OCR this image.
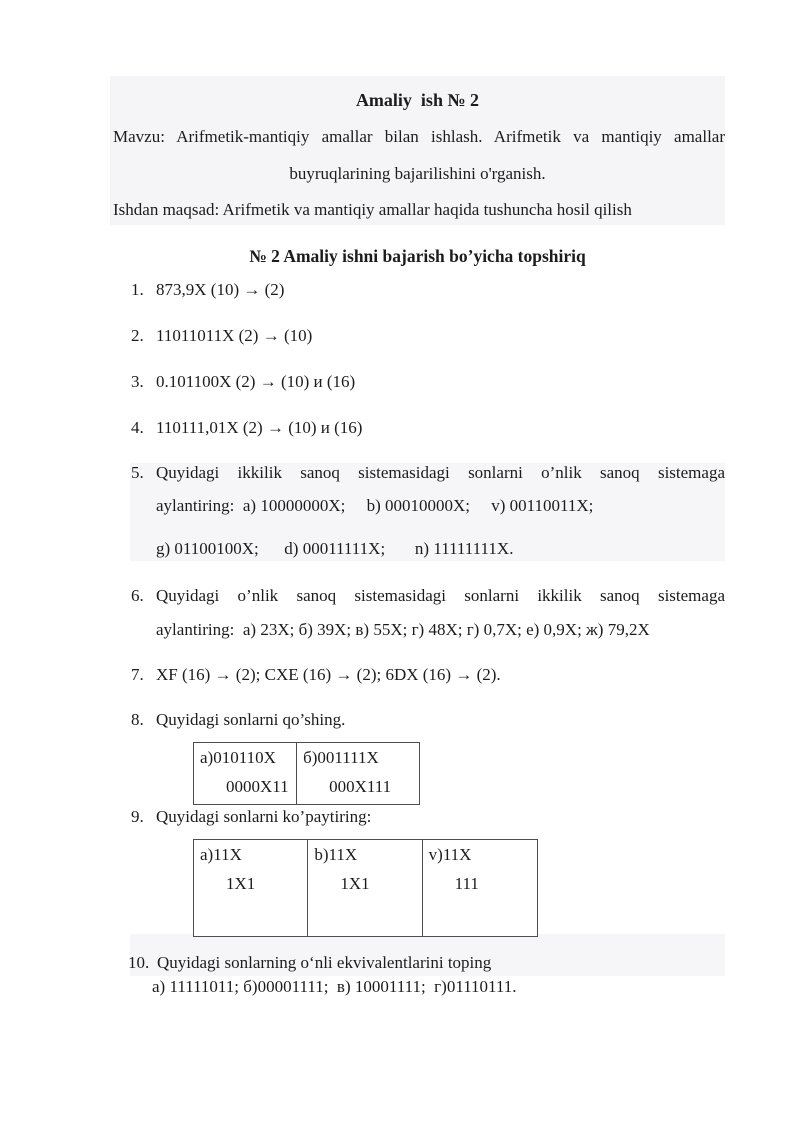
Amaliy  ish № 2
Mavzu: Arifmetik-mantiqiy amallar bilan ishlash. Arifmetik va mantiqiy amallar
buyruqlarining bajarilishini o'rganish.
Ishdan maqsad: Arifmetik va mantiqiy amallar haqida tushuncha hosil qilish
№ 2 Amaliy ishni bajarish bo’yicha topshiriq
1. 873,9X (10) → (2)
2. 11011011X (2) → (10)
3. 0.101100X (2) → (10) и (16)
4. 110111,01X (2) → (10) и (16)
5. Quyidagi ikkilik sanoq sistemasidagi sonlarni o’nlik sanoq sistemaga
aylantiring:  a) 10000000X;     b) 00010000X;     v) 00110011X;
g) 01100100X;      d) 00011111X;       n) 11111111X.
6. Quyidagi o’nlik sanoq sistemasidagi sonlarni ikkilik sanoq sistemaga
aylantiring:  a) 23X; б) 39X; в) 55X; г) 48X; г) 0,7X; e) 0,9X; ж) 79,2X
7. XF (16) → (2); CXE (16) → (2); 6DX (16) → (2).
8. Quyidagi sonlarni qo’shing.
a)010110X
0000X11
б)001111X
000X111
9. Quyidagi sonlarni ko’paytiring:
a)11X
1X1
b)11X
1X1
v)11X
111
10. Quyidagi sonlarning o‘nli ekvivalentlarini toping
a) 11111011; б)00001111;  в) 10001111;  г)01110111.
